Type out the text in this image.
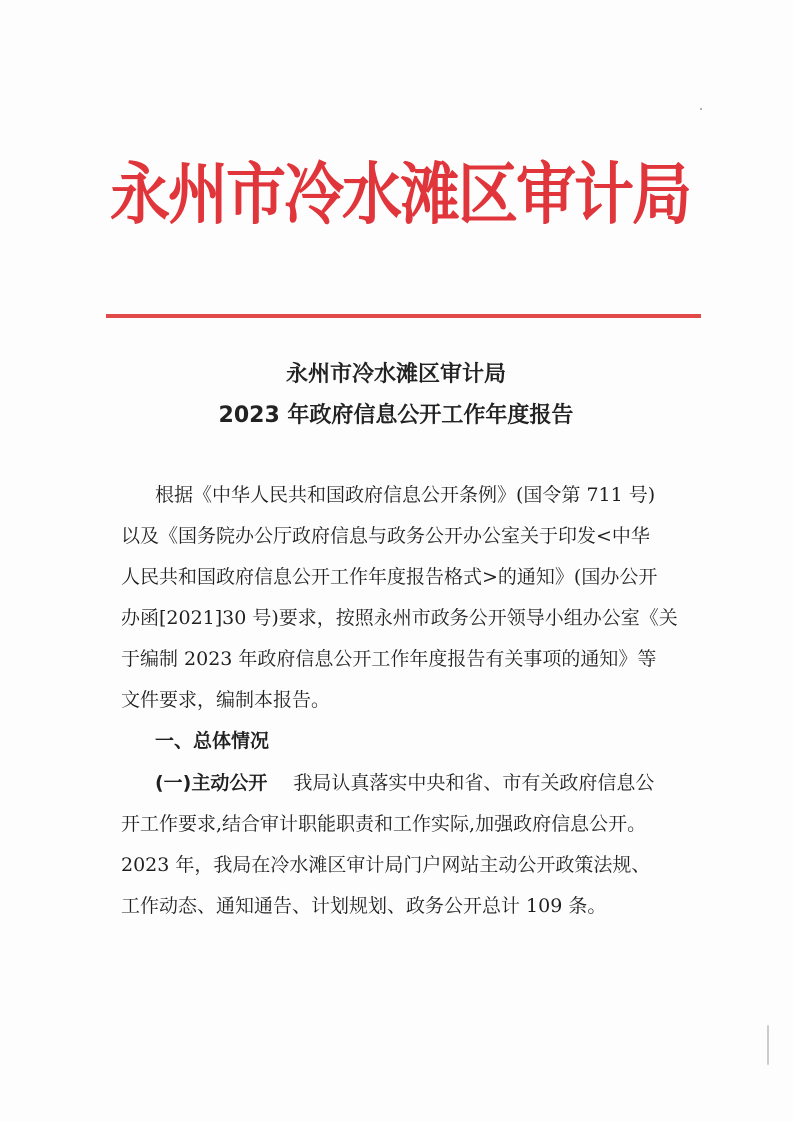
永州市冷水滩区审计局
永州市冷水滩区审计局
2023 年政府信息公开工作年度报告
根据《中华人民共和国政府信息公开条例》(国令第 711 号)
以及《国务院办公厅政府信息与政务公开办公室关于印发<中华
人民共和国政府信息公开工作年度报告格式>的通知》(国办公开
办函[2021]30 号)要求，按照永州市政务公开领导小组办公室《关
于编制 2023 年政府信息公开工作年度报告有关事项的通知》等
文件要求，编制本报告。
一、总体情况
(一)主动公开 我局认真落实中央和省、市有关政府信息公
开工作要求,结合审计职能职责和工作实际,加强政府信息公开。
2023 年，我局在冷水滩区审计局门户网站主动公开政策法规、
工作动态、通知通告、计划规划、政务公开总计 109 条。
